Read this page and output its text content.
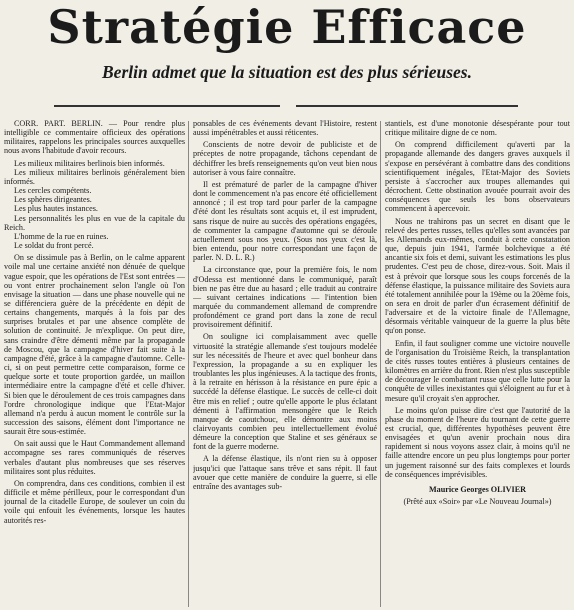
Stratégie Efficace
Berlin admet que la situation est des plus sérieuses.

CORR. PART. BERLIN. — Pour rendre plus intelligible ce commentaire officieux des opérations militaires, rappelons les principales sources auxquelles nous avons l'habitude d'avoir recours.

Les milieux militaires berlinois bien informés.

Les milieux militaires berlinois généralement bien informés.

Les cercles compétents.

Les sphères dirigeantes.

Les plus hautes instances.

Les personnalités les plus en vue de la capitale du Reich.

L'homme de la rue en ruines.

Le soldat du front percé.

On se dissimule pas à Berlin, on le calme apparent voile mal une certaine anxiété non dénuée de quelque vague espoir, que les opérations de l'Est sont entrées — ou vont entrer prochainement selon l'angle où l'on envisage la situation — dans une phase nouvelle qui ne se différenciera guère de la précédente en dépit de certains changements, marqués à la fois par des surprises brutales et par une absence complète de solution de continuité. Je m'explique. On peut dire, sans craindre d'être démenti même par la propagande de Moscou, que la campagne d'hiver fait suite à la campagne d'été, grâce à la campagne d'automne. Celle-ci, si on peut permettre cette comparaison, forme ce quelque sorte et toute proportion gardée, un maillon intermédiaire entre la campagne d'été et celle d'hiver. Si bien que le déroulement de ces trois campagnes dans l'ordre chronologique indique que l'Etat-Major allemand n'a perdu à aucun moment le contrôle sur la succession des saisons, élément dont l'importance ne saurait être sous-estimée.

On sait aussi que le Haut Commandement allemand accompagne ses rares communiqués de réserves verbales d'autant plus nombreuses que ses réserves militaires sont plus réduites.

On comprendra, dans ces conditions, combien il est difficile et même périlleux, pour le correspondant d'un journal de la citadelle Europe, de soulever un coin du voile qui enfouit les événements, lorsque les hautes autorités res-

ponsables de ces événements devant l'Histoire, restent aussi impénétrables et aussi réticentes.

Conscients de notre devoir de publiciste et de préceptes de notre propagande, tâchons cependant de déchiffrer les brefs renseignements qu'on veut bien nous autoriser à vous faire connaître.

Il est prématuré de parler de la campagne d'hiver dont le commencement n'a pas encore été officiellement annoncé ; il est trop tard pour parler de la campagne d'été dont les résultats sont acquis et, il est imprudent, sans risque de nuire au succès des opérations engagées, de commenter la campagne d'automne qui se déroule actuellement sous nos yeux. (Sous nos yeux c'est là, bien entendu, pour notre correspondant une façon de parler. N. D. L. R.)

La circonstance que, pour la première fois, le nom d'Odessa est mentionné dans le communiqué, paraît bien ne pas être due au hasard ; elle traduit au contraire — suivant certaines indications — l'intention bien marquée du commandement allemand de comprendre profondément ce grand port dans la zone de recul provisoirement définitif.

On souligne ici complaisamment avec quelle virtuosité la stratégie allemande s'est toujours modelée sur les nécessités de l'heure et avec quel bonheur dans l'expression, la propagande a su en expliquer les troublantes les plus ingénieuses. A la tactique des fronts, à la retraite en hérisson à la résistance en pure épic a succédé la défense élastique. Le succès de celle-ci doit être mis en relief ; outre qu'elle apporte le plus éclatant démenti à l'affirmation mensongère que le Reich manque de caoutchouc, elle démontre aux moins clairvoyants combien peu intellectuellement évolué démeure la conception que Staline et ses généraux se font de la guerre moderne.

A la défense élastique, ils n'ont rien su à opposer jusqu'ici que l'attaque sans trêve et sans répit. Il faut avouer que cette manière de conduire la guerre, si elle entraîne des avantages sub-

stantiels, est d'une monotonie désespérante pour tout critique militaire digne de ce nom.

On comprend difficilement qu'averti par la propagande allemande des dangers graves auxquels il s'expose en persévérant à combattre dans des conditions scientifiquement inégales, l'Etat-Major des Soviets persiste à s'accrocher aux troupes allemandes qui décrochent. Cette obstination avouée pourrait avoir des conséquences que seuls les bons observateurs commencent à apercevoir.

Nous ne trahirons pas un secret en disant que le relevé des pertes russes, telles qu'elles sont avancées par les Allemands eux-mêmes, conduit à cette constatation que, depuis juin 1941, l'armée bolchevique a été ancantie six fois et demi, suivant les estimations les plus prudentes. C'est peu de chose, direz-vous. Soit. Mais il est à prévoir que lorsque sous les coups forcenés de la défense élastique, la puissance militaire des Soviets aura été totalement annihilée pour la 19ème ou la 20ème fois, on sera en droit de parler d'un écrasement définitif de l'adversaire et de la victoire finale de l'Allemagne, désormais véritable vainqueur de la guerre la plus bête qu'on ponse.

Enfin, il faut souligner comme une victoire nouvelle de l'organisation du Troisième Reich, la transplantation de cités russes toutes entières à plusieurs centaines de kilomètres en arrière du front. Rien n'est plus susceptible de décourager le combattant russe que celle lutte pour la conquête de villes inexistantes qui s'éloignent au fur et à mesure qu'il croyait s'en approcher.

Le moins qu'on puisse dire c'est que l'autorité de la phase du moment de l'heure du tournant de cette guerre est crucial, que, différentes hypothèses peuvent être envisagées et qu'un avenir prochain nous dira rapidement si nous voyons assez clair, à moins qu'il ne faille attendre encore un peu plus longtemps pour porter un jugement raisonné sur des faits complexes et lourds de conséquences imprévisibles.

Maurice Georges OLIVIER

(Prêté aux «Soir» par «Le Nouveau Journal»)
